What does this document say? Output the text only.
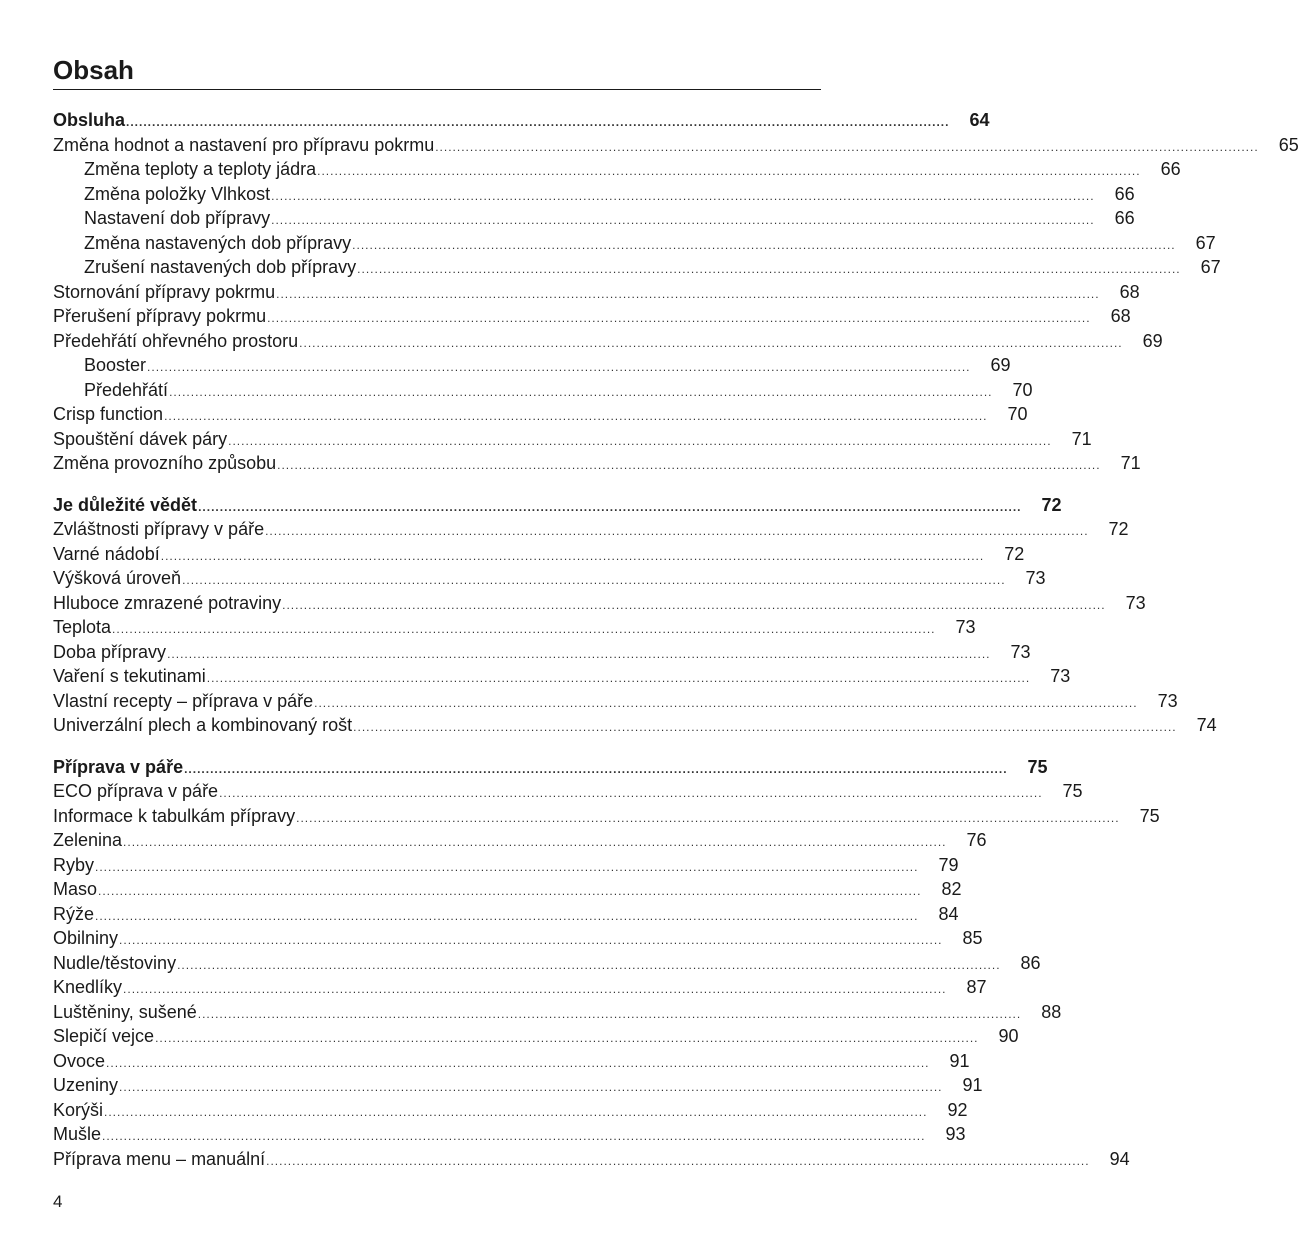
Obsah
Obsluha .............................................................................................................................................................................................. 64
Změna hodnot a nastavení pro přípravu pokrmu .............................................................................................................................................................................................. 65
Změna teploty a teploty jádra .............................................................................................................................................................................................. 66
Změna položky Vlhkost .............................................................................................................................................................................................. 66
Nastavení dob přípravy .............................................................................................................................................................................................. 66
Změna nastavených dob přípravy .............................................................................................................................................................................................. 67
Zrušení nastavených dob přípravy .............................................................................................................................................................................................. 67
Stornování přípravy pokrmu .............................................................................................................................................................................................. 68
Přerušení přípravy pokrmu .............................................................................................................................................................................................. 68
Předehřátí ohřevného prostoru .............................................................................................................................................................................................. 69
Booster .............................................................................................................................................................................................. 69
Předehřátí .............................................................................................................................................................................................. 70
Crisp function .............................................................................................................................................................................................. 70
Spouštění dávek páry .............................................................................................................................................................................................. 71
Změna provozního způsobu .............................................................................................................................................................................................. 71
Je důležité vědět .............................................................................................................................................................................................. 72
Zvláštnosti přípravy v páře .............................................................................................................................................................................................. 72
Varné nádobí .............................................................................................................................................................................................. 72
Výšková úroveň .............................................................................................................................................................................................. 73
Hluboce zmrazené potraviny .............................................................................................................................................................................................. 73
Teplota .............................................................................................................................................................................................. 73
Doba přípravy .............................................................................................................................................................................................. 73
Vaření s tekutinami .............................................................................................................................................................................................. 73
Vlastní recepty – příprava v páře .............................................................................................................................................................................................. 73
Univerzální plech a kombinovaný rošt .............................................................................................................................................................................................. 74
Příprava v páře .............................................................................................................................................................................................. 75
ECO příprava v páře .............................................................................................................................................................................................. 75
Informace k tabulkám přípravy .............................................................................................................................................................................................. 75
Zelenina .............................................................................................................................................................................................. 76
Ryby .............................................................................................................................................................................................. 79
Maso .............................................................................................................................................................................................. 82
Rýže .............................................................................................................................................................................................. 84
Obilniny .............................................................................................................................................................................................. 85
Nudle/těstoviny .............................................................................................................................................................................................. 86
Knedlíky .............................................................................................................................................................................................. 87
Luštěniny, sušené .............................................................................................................................................................................................. 88
Slepičí vejce .............................................................................................................................................................................................. 90
Ovoce .............................................................................................................................................................................................. 91
Uzeniny .............................................................................................................................................................................................. 91
Korýši .............................................................................................................................................................................................. 92
Mušle .............................................................................................................................................................................................. 93
Příprava menu – manuální .............................................................................................................................................................................................. 94
4
